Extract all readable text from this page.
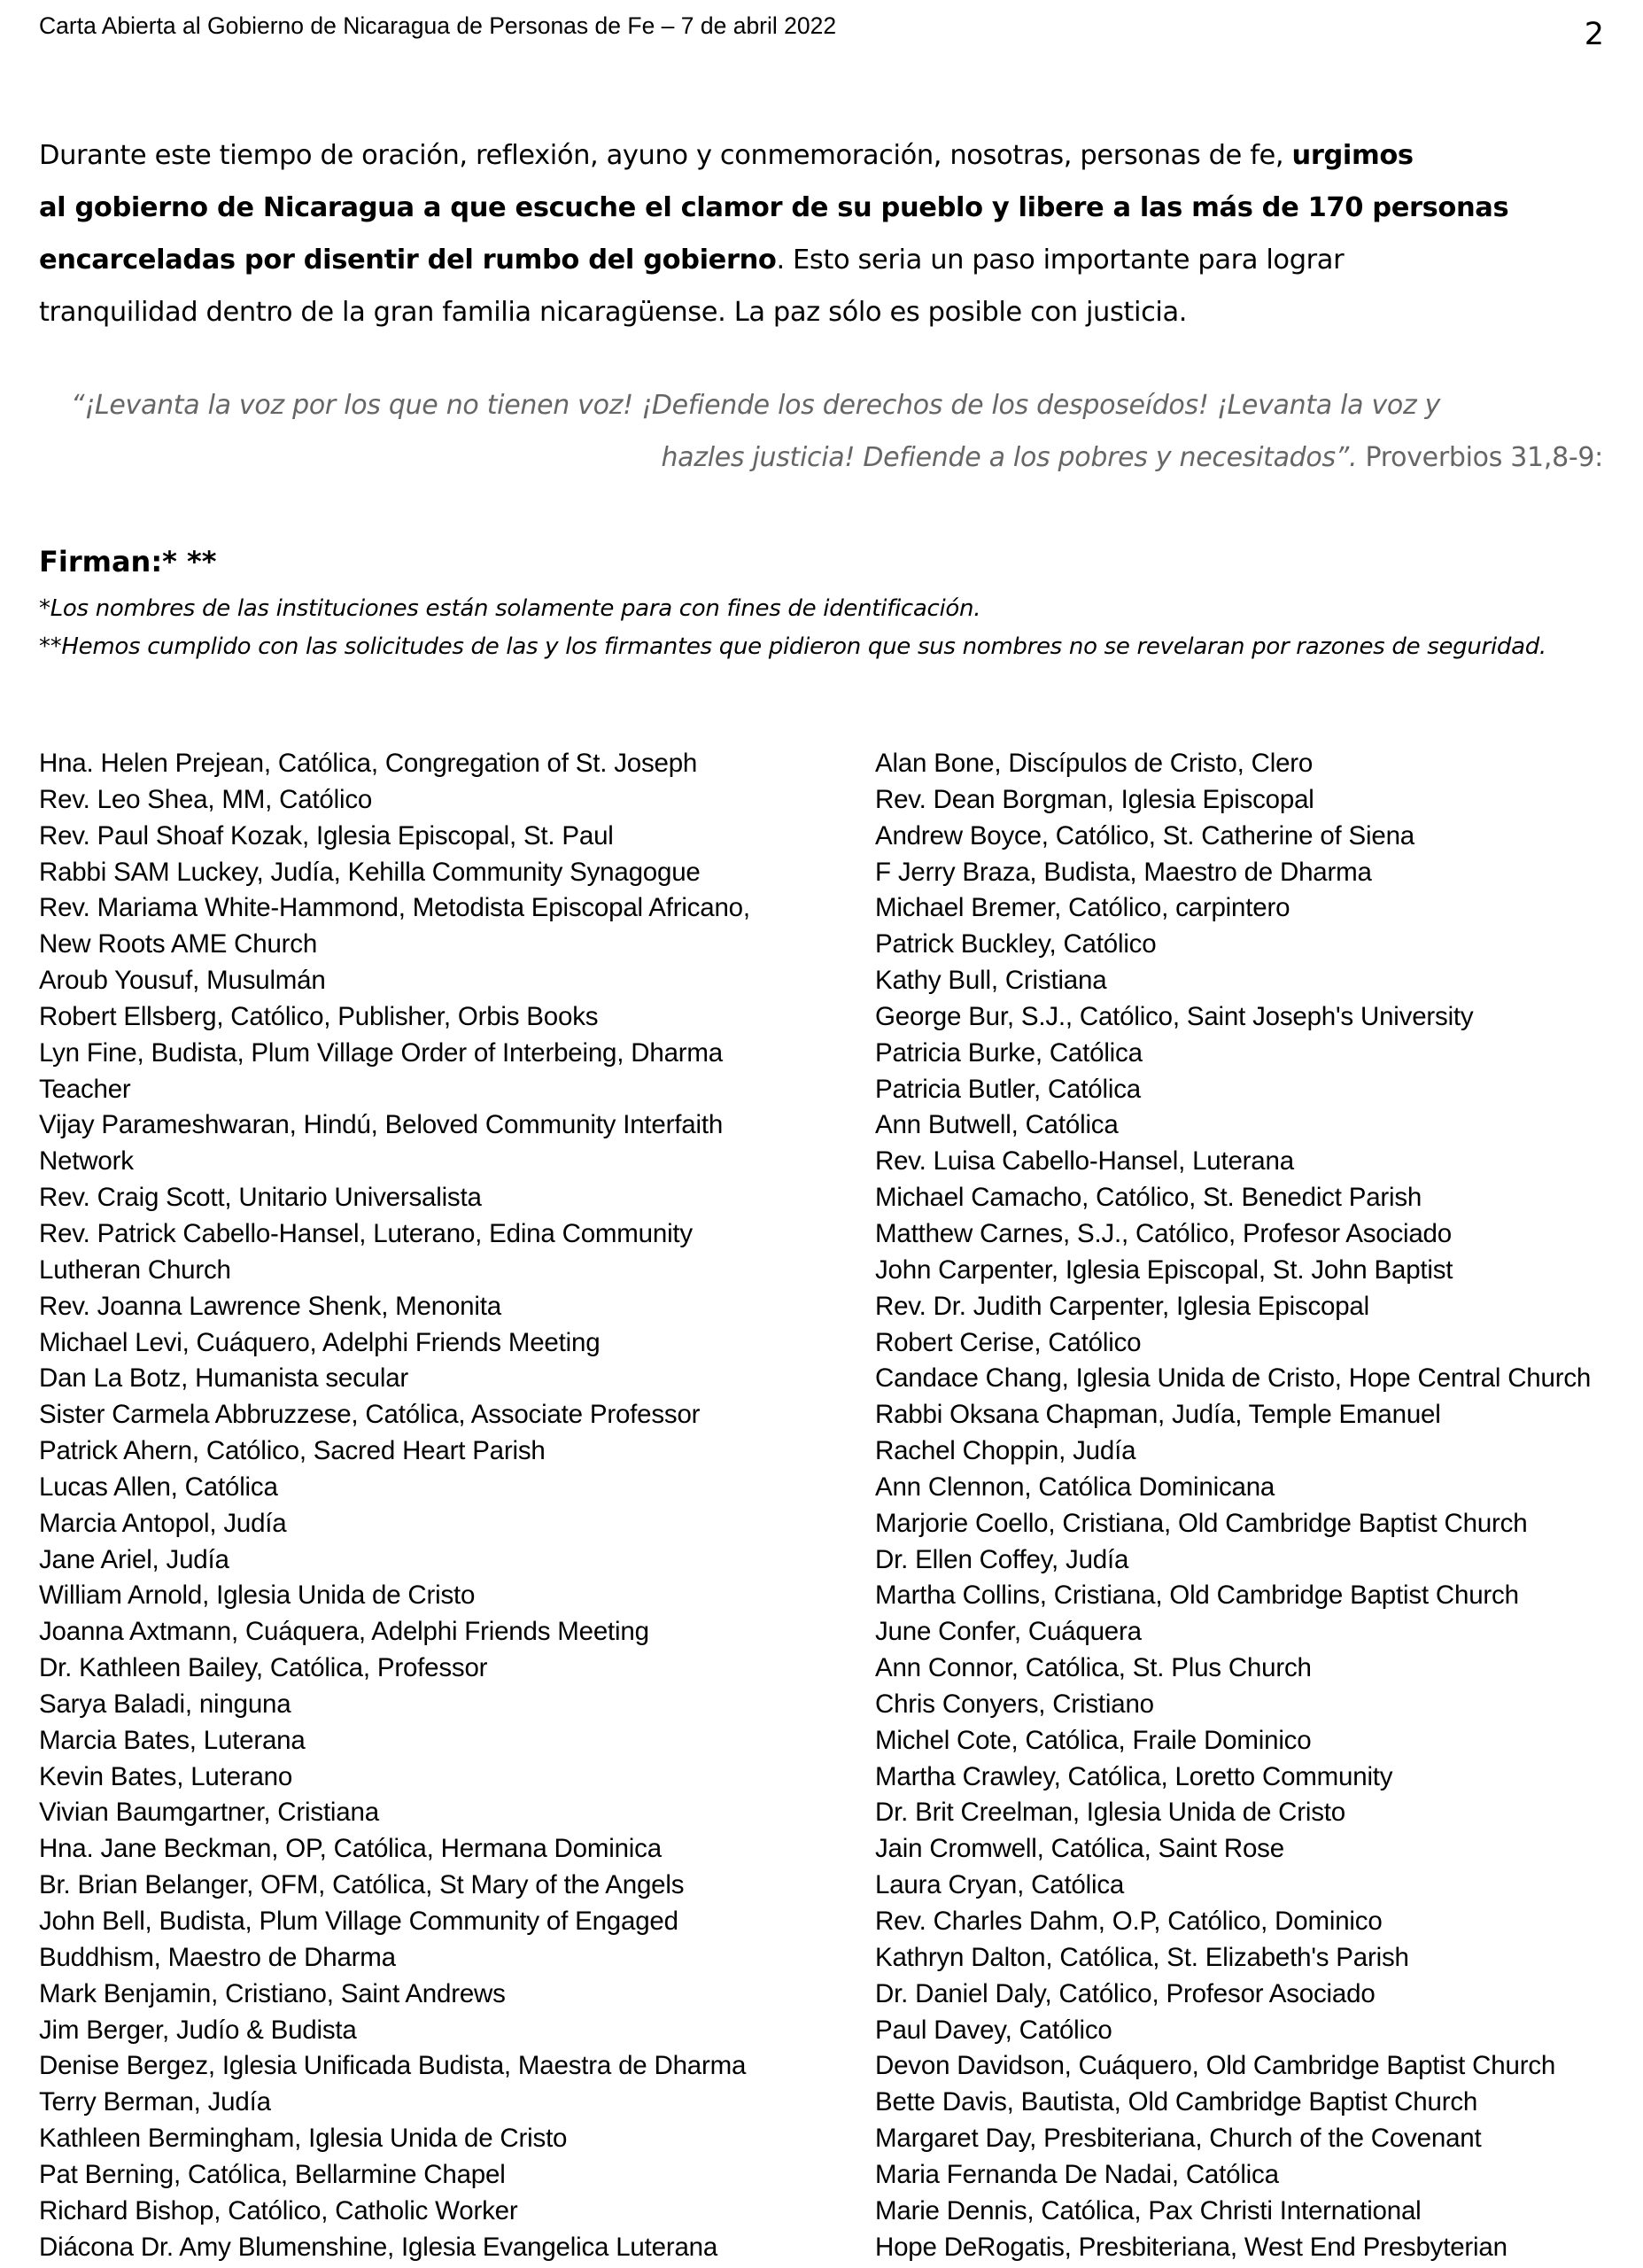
Carta Abierta al Gobierno de Nicaragua de Personas de Fe – 7 de abril 2022	2
Durante este tiempo de oración, reflexión, ayuno y conmemoración, nosotras, personas de fe, urgimos
al gobierno de Nicaragua a que escuche el clamor de su pueblo y libere a las más de 170 personas
encarceladas por disentir del rumbo del gobierno. Esto seria un paso importante para lograr
tranquilidad dentro de la gran familia nicaragüense. La paz sólo es posible con justicia.
“¡Levanta la voz por los que no tienen voz! ¡Defiende los derechos de los desposeídos! ¡Levanta la voz y
hazles justicia! Defiende a los pobres y necesitados”. Proverbios 31,8-9:
Firman:* **

*Los nombres de las instituciones están solamente para con fines de identificación.

**Hemos cumplido con las solicitudes de las y los firmantes que pidieron que sus nombres no se revelaran por razones de seguridad.

Hna. Helen Prejean, Católica, Congregation of St. Joseph
Rev. Leo Shea, MM, Católico
Rev. Paul Shoaf Kozak, Iglesia Episcopal, St. Paul
Rabbi SAM Luckey, Judía, Kehilla Community Synagogue
Rev. Mariama White-Hammond, Metodista Episcopal Africano,
New Roots AME Church
Aroub Yousuf, Musulmán
Robert Ellsberg, Católico, Publisher, Orbis Books
Lyn Fine, Budista, Plum Village Order of Interbeing, Dharma
Teacher
Vijay Parameshwaran, Hindú, Beloved Community Interfaith
Network
Rev. Craig Scott, Unitario Universalista
Rev. Patrick Cabello-Hansel, Luterano, Edina Community
Lutheran Church
Rev. Joanna Lawrence Shenk, Menonita
Michael Levi, Cuáquero, Adelphi Friends Meeting
Dan La Botz, Humanista secular
Sister Carmela Abbruzzese, Católica, Associate Professor
Patrick Ahern, Católico, Sacred Heart Parish
Lucas Allen, Católica
Marcia Antopol, Judía
Jane Ariel, Judía
William Arnold, Iglesia Unida de Cristo
Joanna Axtmann, Cuáquera, Adelphi Friends Meeting
Dr. Kathleen Bailey, Católica, Professor
Sarya Baladi, ninguna
Marcia Bates, Luterana
Kevin Bates, Luterano
Vivian Baumgartner, Cristiana
Hna. Jane Beckman, OP, Católica, Hermana Dominica
Br. Brian Belanger, OFM, Católica, St Mary of the Angels
John Bell, Budista, Plum Village Community of Engaged
Buddhism, Maestro de Dharma
Mark Benjamin, Cristiano, Saint Andrews
Jim Berger, Judío & Budista
Denise Bergez, Iglesia Unificada Budista, Maestra de Dharma
Terry Berman, Judía
Kathleen Bermingham, Iglesia Unida de Cristo
Pat Berning, Católica, Bellarmine Chapel
Richard Bishop, Católico, Catholic Worker
Diácona Dr. Amy Blumenshine, Iglesia Evangelica Luterana
Alan Bone, Discípulos de Cristo, Clero
Rev. Dean Borgman, Iglesia Episcopal
Andrew Boyce, Católico, St. Catherine of Siena
F Jerry Braza, Budista, Maestro de Dharma
Michael Bremer, Católico, carpintero
Patrick Buckley, Católico
Kathy Bull, Cristiana
George Bur, S.J., Católico, Saint Joseph's University
Patricia Burke, Católica
Patricia Butler, Católica
Ann Butwell, Católica
Rev. Luisa Cabello-Hansel, Luterana
Michael Camacho, Católico, St. Benedict Parish
Matthew Carnes, S.J., Católico, Profesor Asociado
John Carpenter, Iglesia Episcopal, St. John Baptist
Rev. Dr. Judith Carpenter, Iglesia Episcopal
Robert Cerise, Católico
Candace Chang, Iglesia Unida de Cristo, Hope Central Church
Rabbi Oksana Chapman, Judía, Temple Emanuel
Rachel Choppin, Judía
Ann Clennon, Católica Dominicana
Marjorie Coello, Cristiana, Old Cambridge Baptist Church
Dr. Ellen Coffey, Judía
Martha Collins, Cristiana, Old Cambridge Baptist Church
June Confer, Cuáquera
Ann Connor, Católica, St. Plus Church
Chris Conyers, Cristiano
Michel Cote, Católica, Fraile Dominico
Martha Crawley, Católica, Loretto Community
Dr. Brit Creelman, Iglesia Unida de Cristo
Jain Cromwell, Católica, Saint Rose
Laura Cryan, Católica
Rev. Charles Dahm, O.P, Católico, Dominico
Kathryn Dalton, Católica, St. Elizabeth's Parish
Dr. Daniel Daly, Católico, Profesor Asociado
Paul Davey, Católico
Devon Davidson, Cuáquero, Old Cambridge Baptist Church
Bette Davis, Bautista, Old Cambridge Baptist Church
Margaret Day, Presbiteriana, Church of the Covenant
Maria Fernanda De Nadai, Católica
Marie Dennis, Católica, Pax Christi International
Hope DeRogatis, Presbiteriana, West End Presbyterian
